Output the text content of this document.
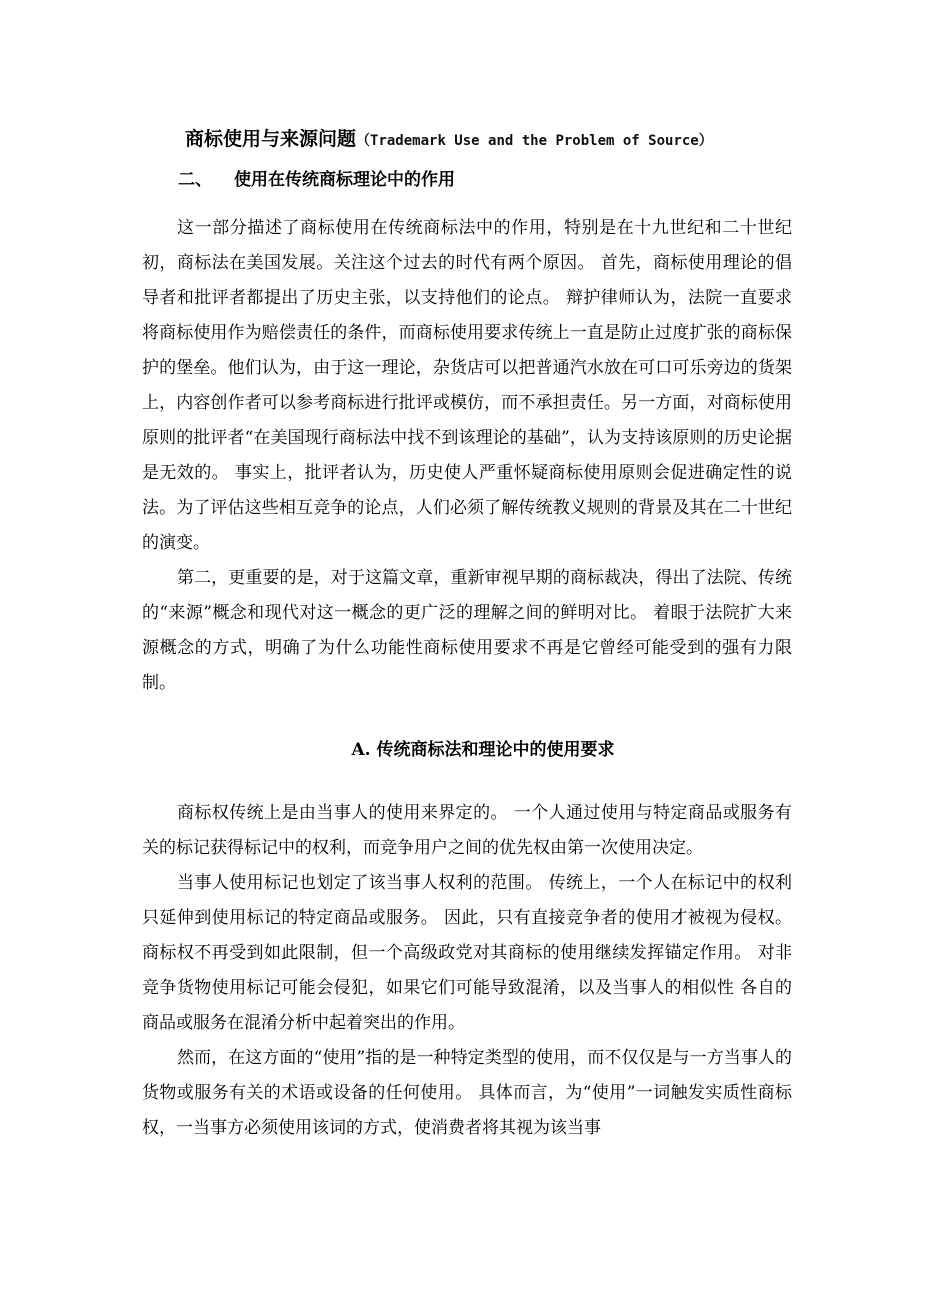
商标使用与来源问题（Trademark Use and the Problem of Source）
二、 使用在传统商标理论中的作用

这一部分描述了商标使用在传统商标法中的作用，特别是在十九世纪和二十世纪初，商标法在美国发展。关注这个过去的时代有两个原因。 首先，商标使用理论的倡导者和批评者都提出了历史主张，以支持他们的论点。 辩护律师认为，法院一直要求将商标使用作为赔偿责任的条件，而商标使用要求传统上一直是防止过度扩张的商标保护的堡垒。他们认为，由于这一理论，杂货店可以把普通汽水放在可口可乐旁边的货架上，内容创作者可以参考商标进行批评或模仿，而不承担责任。另一方面，对商标使用原则的批评者“在美国现行商标法中找不到该理论的基础”，认为支持该原则的历史论据是无效的。 事实上，批评者认为，历史使人严重怀疑商标使用原则会促进确定性的说法。为了评估这些相互竞争的论点，人们必须了解传统教义规则的背景及其在二十世纪的演变。

第二，更重要的是，对于这篇文章，重新审视早期的商标裁决，得出了法院、传统的“来源”概念和现代对这一概念的更广泛的理解之间的鲜明对比。 着眼于法院扩大来源概念的方式，明确了为什么功能性商标使用要求不再是它曾经可能受到的强有力限制。

A. 传统商标法和理论中的使用要求

商标权传统上是由当事人的使用来界定的。 一个人通过使用与特定商品或服务有关的标记获得标记中的权利，而竞争用户之间的优先权由第一次使用决定。

当事人使用标记也划定了该当事人权利的范围。 传统上，一个人在标记中的权利只延伸到使用标记的特定商品或服务。 因此，只有直接竞争者的使用才被视为侵权。商标权不再受到如此限制，但一个高级政党对其商标的使用继续发挥锚定作用。 对非竞争货物使用标记可能会侵犯，如果它们可能导致混淆，以及当事人的相似性 各自的商品或服务在混淆分析中起着突出的作用。

然而，在这方面的“使用”指的是一种特定类型的使用，而不仅仅是与一方当事人的货物或服务有关的术语或设备的任何使用。 具体而言，为“使用”一词触发实质性商标权，一当事方必须使用该词的方式，使消费者将其视为该当事
